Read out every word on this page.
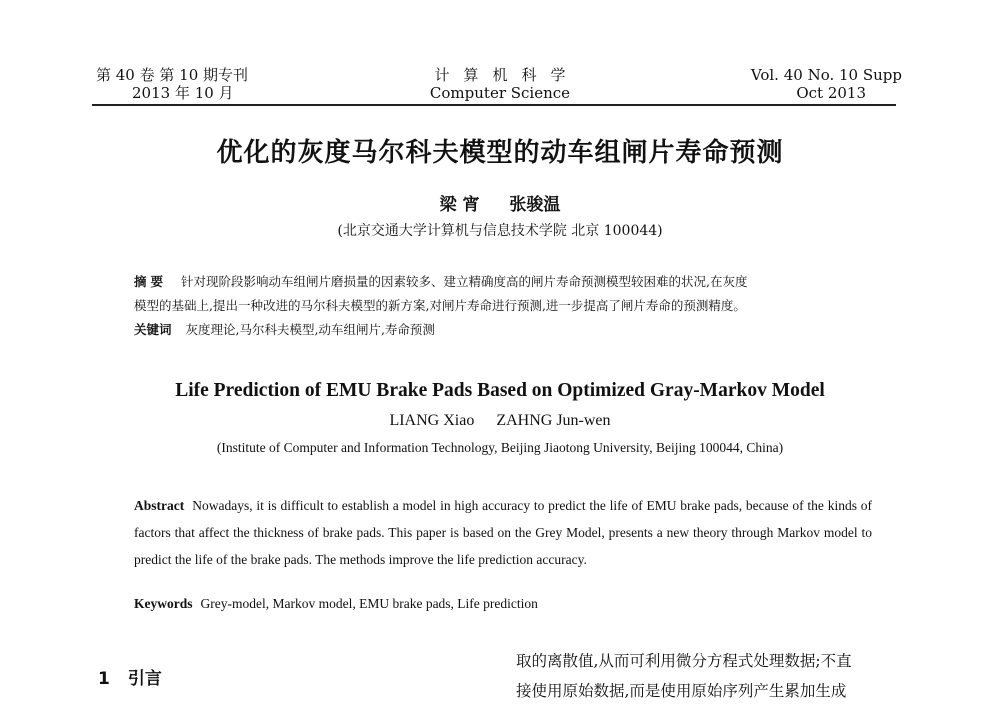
第 40 卷 第 10 期专刊
2013 年 10 月
计算机科学
Computer Science
Vol. 40 No. 10 Supp
Oct 2013
优化的灰度马尔科夫模型的动车组闸片寿命预测
梁 宵 张骏温
(北京交通大学计算机与信息技术学院 北京 100044)
摘要 针对现阶段影响动车组闸片磨损量的因素较多、建立精确度高的闸片寿命预测模型较困难的状况,在灰度
模型的基础上,提出一种改进的马尔科夫模型的新方案,对闸片寿命进行预测,进一步提高了闸片寿命的预测精度。
关键词 灰度理论,马尔科夫模型,动车组闸片,寿命预测
Life Prediction of EMU Brake Pads Based on Optimized Gray-Markov Model
LIANG Xiao ZAHNG Jun-wen
(Institute of Computer and Information Technology, Beijing Jiaotong University, Beijing 100044, China)
Abstract Nowadays, it is difficult to establish a model in high accuracy to predict the life of EMU brake pads, because of the kinds of factors that affect the thickness of brake pads. This paper is based on the Grey Model, presents a new theory through Markov model to predict the life of the brake pads. The methods improve the life prediction accuracy.
Keywords Grey-model, Markov model, EMU brake pads, Life prediction
1 引言
取的离散值,从而可利用微分方程式处理数据;不直
接使用原始数据,而是使用原始序列产生累加生成
